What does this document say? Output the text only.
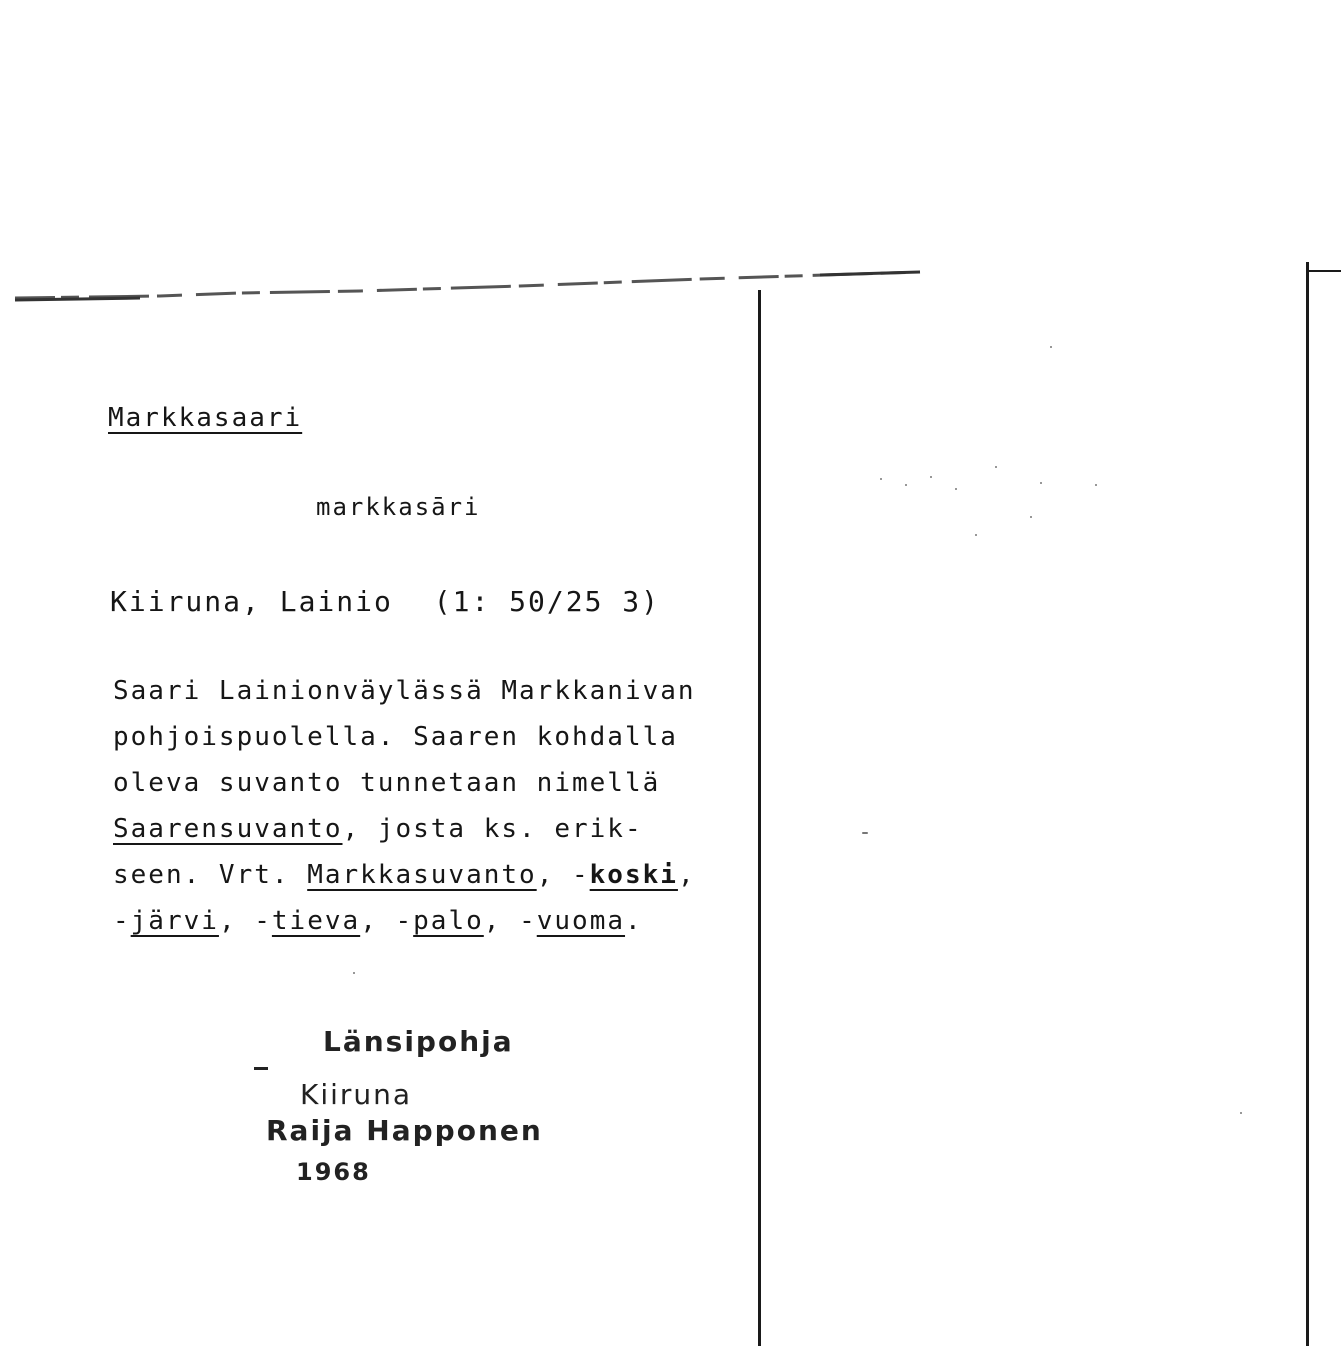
Markkasaari
markkasāri
Kiiruna, Lainio (1: 50/25 3)
Saari Lainionväylässä Markkanivan
pohjoispuolella. Saaren kohdalla
oleva suvanto tunnetaan nimellä
Saarensuvanto, josta ks. erik-
seen. Vrt. Markkasuvanto, -koski,
-järvi, -tieva, -palo, -vuoma.
Länsipohja
Kiiruna
Raija Happonen
1968
